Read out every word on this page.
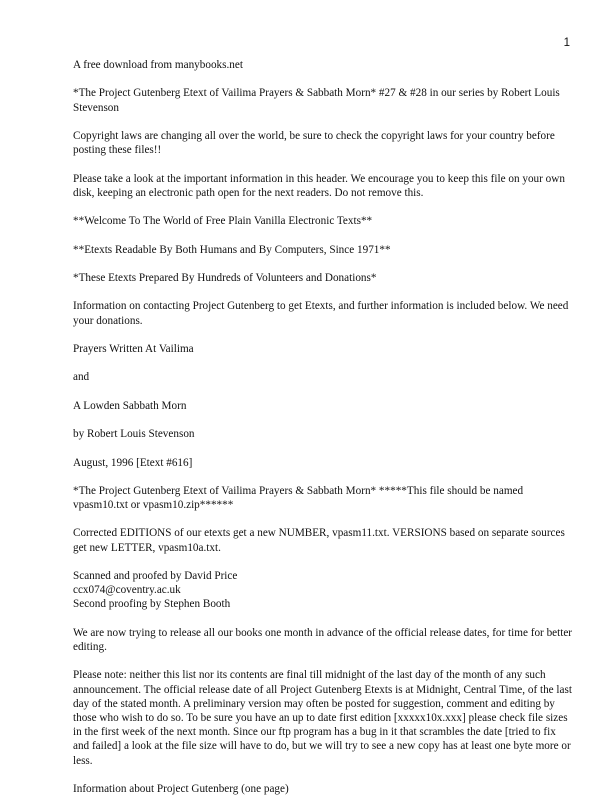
1

A free download from manybooks.net

*The Project Gutenberg Etext of Vailima Prayers & Sabbath Morn* #27 & #28 in our series by Robert Louis Stevenson

Copyright laws are changing all over the world, be sure to check the copyright laws for your country before posting these files!!

Please take a look at the important information in this header. We encourage you to keep this file on your own disk, keeping an electronic path open for the next readers. Do not remove this.

**Welcome To The World of Free Plain Vanilla Electronic Texts**

**Etexts Readable By Both Humans and By Computers, Since 1971**

*These Etexts Prepared By Hundreds of Volunteers and Donations*

Information on contacting Project Gutenberg to get Etexts, and further information is included below. We need your donations.

Prayers Written At Vailima

and

A Lowden Sabbath Morn

by Robert Louis Stevenson

August, 1996 [Etext #616]

*The Project Gutenberg Etext of Vailima Prayers & Sabbath Morn* *****This file should be named vpasm10.txt or vpasm10.zip******

Corrected EDITIONS of our etexts get a new NUMBER, vpasm11.txt. VERSIONS based on separate sources get new LETTER, vpasm10a.txt.

Scanned and proofed by David Price

ccx074@coventry.ac.uk

Second proofing by Stephen Booth

We are now trying to release all our books one month in advance of the official release dates, for time for better editing.

Please note: neither this list nor its contents are final till midnight of the last day of the month of any such announcement. The official release date of all Project Gutenberg Etexts is at Midnight, Central Time, of the last day of the stated month. A preliminary version may often be posted for suggestion, comment and editing by those who wish to do so. To be sure you have an up to date first edition [xxxxx10x.xxx] please check file sizes in the first week of the next month. Since our ftp program has a bug in it that scrambles the date [tried to fix and failed] a look at the file size will have to do, but we will try to see a new copy has at least one byte more or less.

Information about Project Gutenberg (one page)
